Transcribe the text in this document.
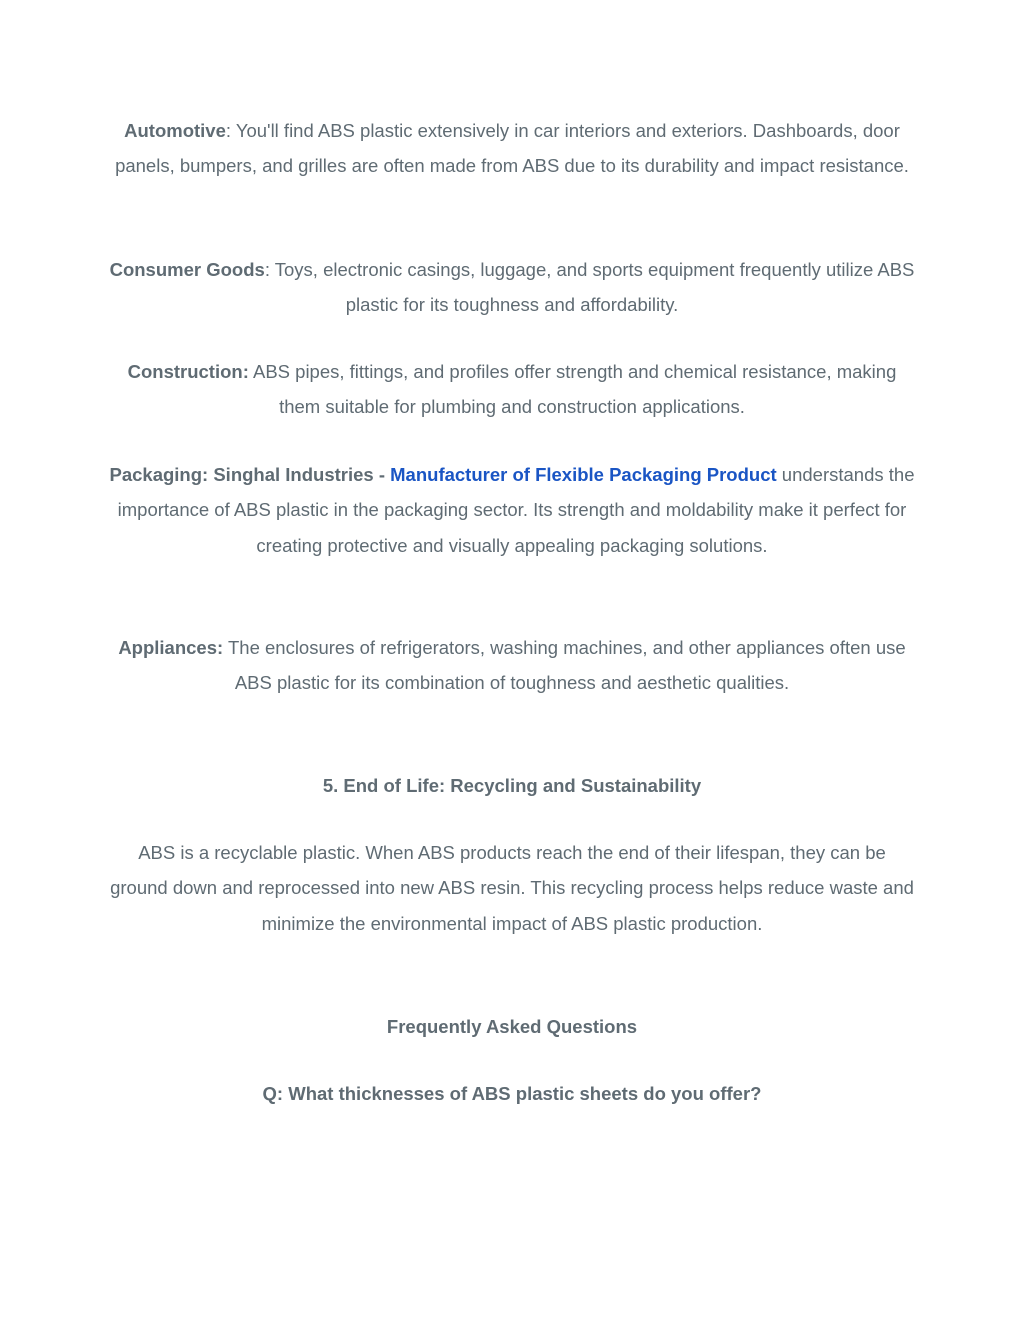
Automotive: You'll find ABS plastic extensively in car interiors and exteriors. Dashboards, door panels, bumpers, and grilles are often made from ABS due to its durability and impact resistance.

Consumer Goods: Toys, electronic casings, luggage, and sports equipment frequently utilize ABS plastic for its toughness and affordability.

Construction: ABS pipes, fittings, and profiles offer strength and chemical resistance, making them suitable for plumbing and construction applications.

Packaging: Singhal Industries - Manufacturer of Flexible Packaging Product understands the importance of ABS plastic in the packaging sector. Its strength and moldability make it perfect for creating protective and visually appealing packaging solutions.

Appliances: The enclosures of refrigerators, washing machines, and other appliances often use ABS plastic for its combination of toughness and aesthetic qualities.

5. End of Life: Recycling and Sustainability

ABS is a recyclable plastic. When ABS products reach the end of their lifespan, they can be ground down and reprocessed into new ABS resin. This recycling process helps reduce waste and minimize the environmental impact of ABS plastic production.

Frequently Asked Questions
Q: What thicknesses of ABS plastic sheets do you offer?
